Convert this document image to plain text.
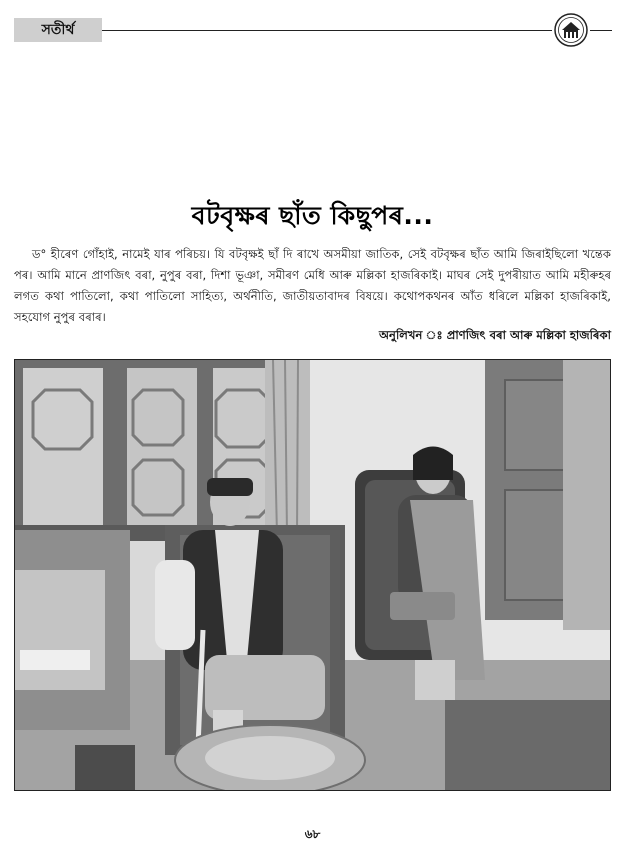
সতীৰ্থ
বটবৃক্ষৰ ছাঁত কিছুপৰ...

ড° হীৰেণ গোঁহাই, নামেই যাৰ পৰিচয়। যি বটবৃক্ষই ছাঁ দি ৰাখে অসমীয়া জাতিক, সেই বটবৃক্ষৰ ছাঁত আমি জিৰাইছিলো খন্তেক পৰ। আমি মানে প্ৰাণজিৎ বৰা, নুপুৰ বৰা, দিশা ভূঞা, সমীৰণ মেধি আৰু মল্লিকা হাজৰিকাই। মাঘৰ সেই দুপৰীয়াত আমি মহীৰুহৰ লগত কথা পাতিলো, কথা পাতিলো সাহিত্য, অৰ্থনীতি, জাতীয়তাবাদৰ বিষয়ে। কথোপকথনৰ আঁত ধৰিলে মল্লিকা হাজৰিকাই, সহযোগ নুপুৰ বৰাৰ।

অনুলিখন ঃ প্ৰাণজিৎ বৰা আৰু মল্লিকা হাজৰিকা
৬৮
